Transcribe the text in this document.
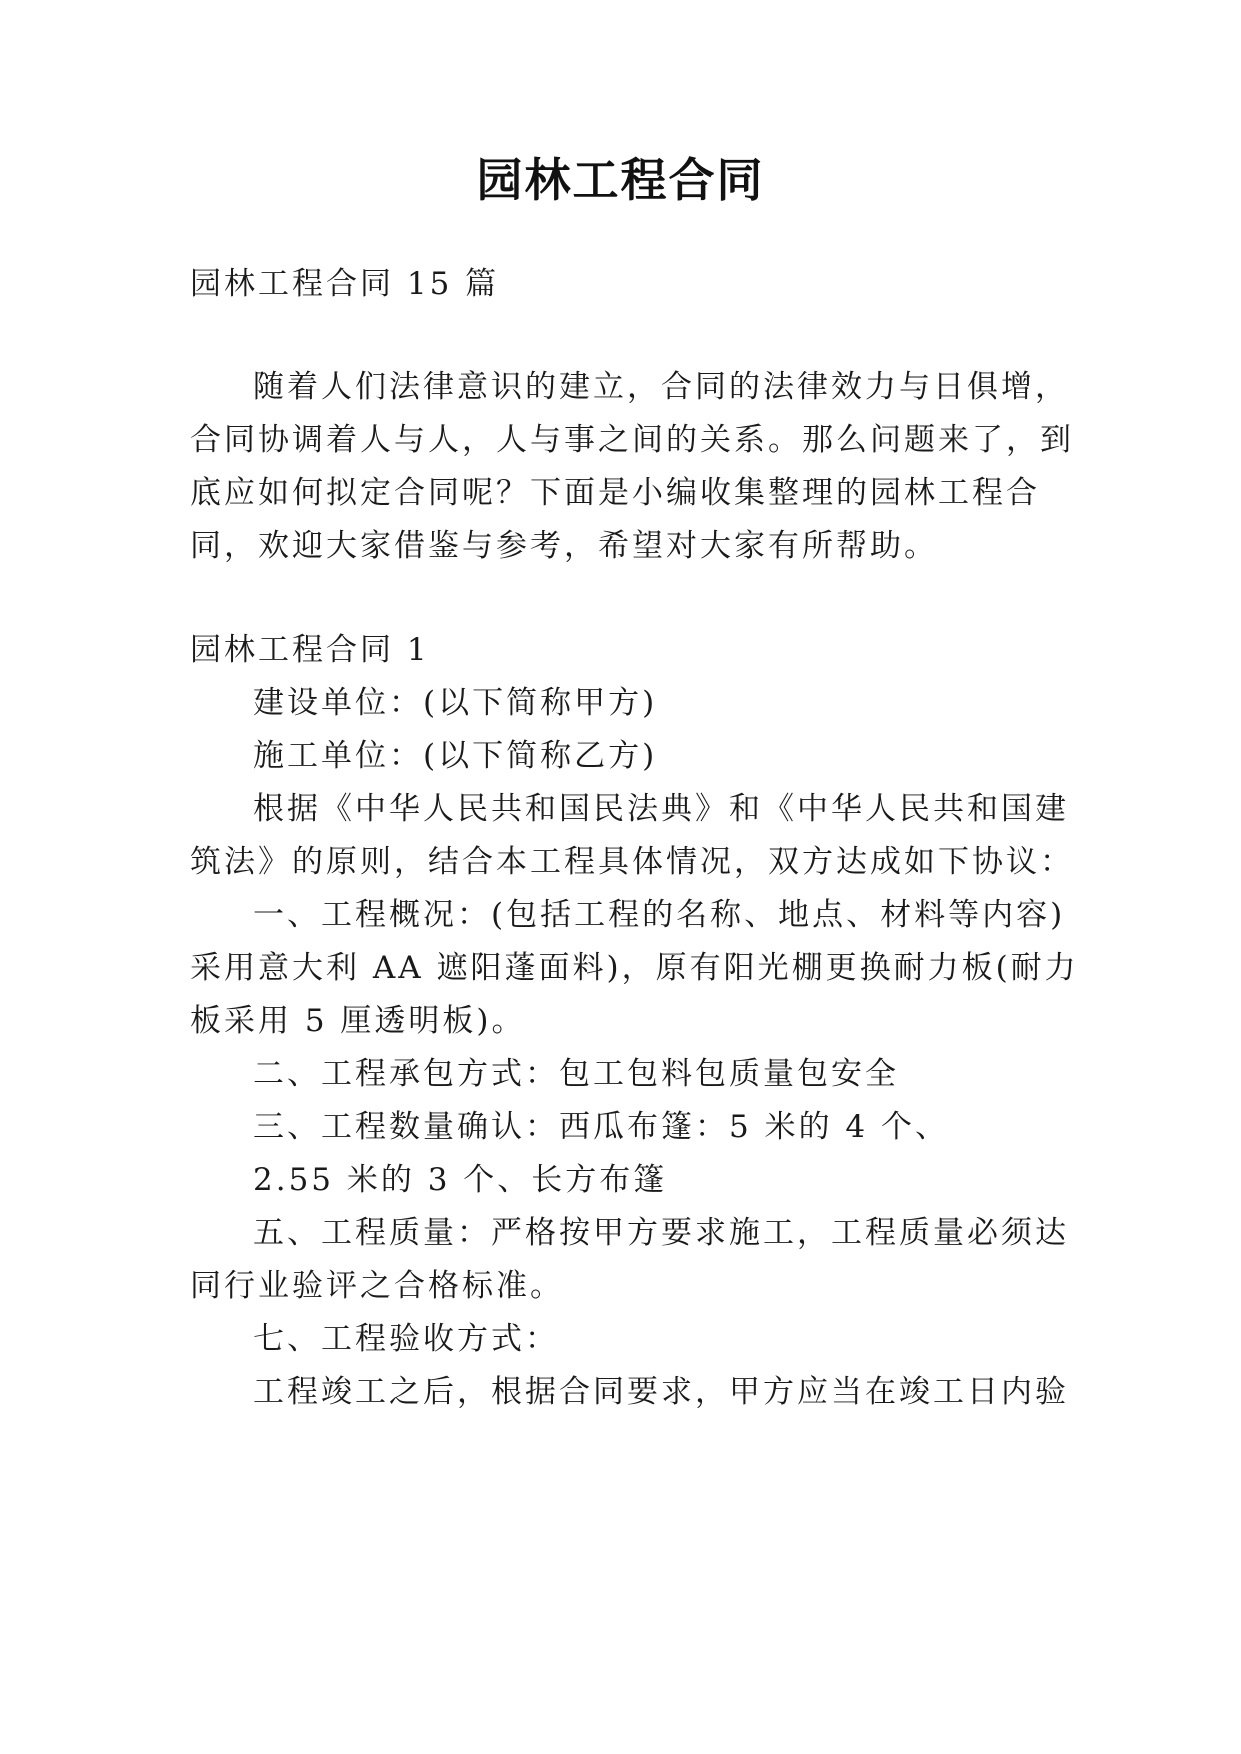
园林工程合同

园林工程合同 15 篇

随着人们法律意识的建立，合同的法律效力与日俱增，

合同协调着人与人，人与事之间的关系。那么问题来了，到

底应如何拟定合同呢？下面是小编收集整理的园林工程合

同，欢迎大家借鉴与参考，希望对大家有所帮助。

园林工程合同 1

建设单位：(以下简称甲方)

施工单位：(以下简称乙方)

根据《中华人民共和国民法典》和《中华人民共和国建

筑法》的原则，结合本工程具体情况，双方达成如下协议：

一、工程概况：(包括工程的名称、地点、材料等内容)

采用意大利 AA 遮阳蓬面料)，原有阳光棚更换耐力板(耐力

板采用 5 厘透明板)。

二、工程承包方式：包工包料包质量包安全

三、工程数量确认：西瓜布篷：5 米的 4 个、

2.55 米的 3 个、长方布篷

五、工程质量：严格按甲方要求施工，工程质量必须达

同行业验评之合格标准。

七、工程验收方式：

工程竣工之后，根据合同要求，甲方应当在竣工日内验
